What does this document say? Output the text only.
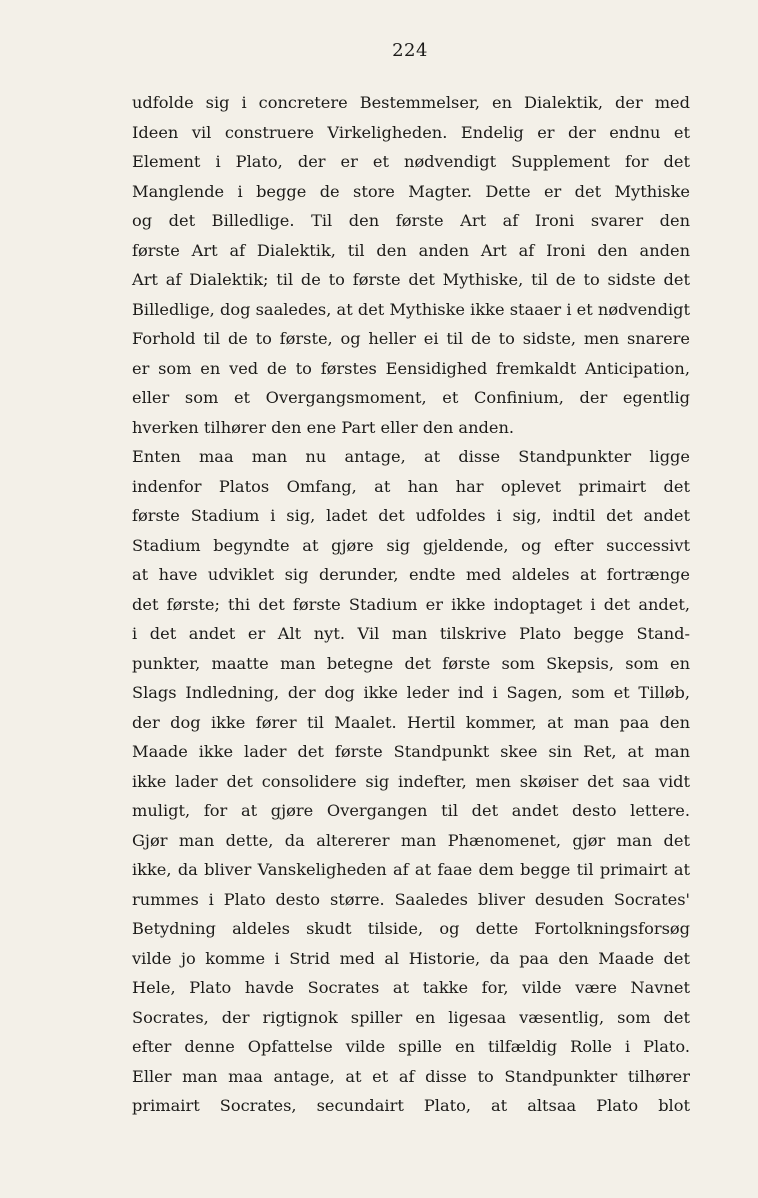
224
udfolde sig i concretere Bestemmelser, en Dialektik, der med
Ideen vil construere Virkeligheden. Endelig er der endnu et
Element i Plato, der er et nødvendigt Supplement for det
Manglende i begge de store Magter. Dette er det Mythiske
og det Billedlige. Til den første Art af Ironi svarer den
første Art af Dialektik, til den anden Art af Ironi den anden
Art af Dialektik; til de to første det Mythiske, til de to sidste det
Billedlige, dog saaledes, at det Mythiske ikke staaer i et nødvendigt
Forhold til de to første, og heller ei til de to sidste, men snarere
er som en ved de to førstes Eensidighed fremkaldt Anticipation,
eller som et Overgangsmoment, et Confinium, der egentlig
hverken tilhører den ene Part eller den anden.
Enten maa man nu antage, at disse Standpunkter ligge
indenfor Platos Omfang, at han har oplevet primairt det
første Stadium i sig, ladet det udfoldes i sig, indtil det andet
Stadium begyndte at gjøre sig gjeldende, og efter successivt
at have udviklet sig derunder, endte med aldeles at fortrænge
det første; thi det første Stadium er ikke indoptaget i det andet,
i det andet er Alt nyt. Vil man tilskrive Plato begge Stand-
punkter, maatte man betegne det første som Skepsis, som en
Slags Indledning, der dog ikke leder ind i Sagen, som et Tilløb,
der dog ikke fører til Maalet. Hertil kommer, at man paa den
Maade ikke lader det første Standpunkt skee sin Ret, at man
ikke lader det consolidere sig indefter, men skøiser det saa vidt
muligt, for at gjøre Overgangen til det andet desto lettere.
Gjør man dette, da altererer man Phænomenet, gjør man det
ikke, da bliver Vanskeligheden af at faae dem begge til primairt at
rummes i Plato desto større. Saaledes bliver desuden Socrates'
Betydning aldeles skudt tilside, og dette Fortolkningsforsøg
vilde jo komme i Strid med al Historie, da paa den Maade det
Hele, Plato havde Socrates at takke for, vilde være Navnet
Socrates, der rigtignok spiller en ligesaa væsentlig, som det
efter denne Opfattelse vilde spille en tilfældig Rolle i Plato.
Eller man maa antage, at et af disse to Standpunkter tilhører
primairt Socrates, secundairt Plato, at altsaa Plato blot
